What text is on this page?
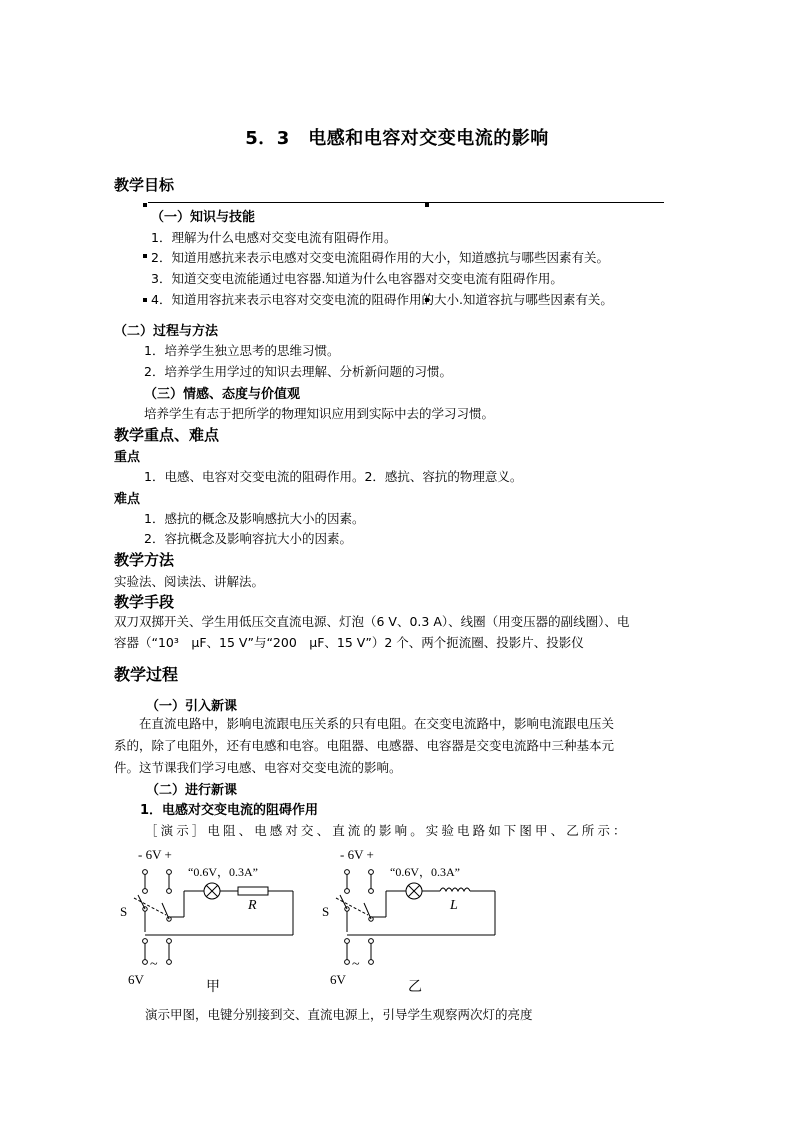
5．3　电感和电容对交变电流的影响
教学目标
（一）知识与技能
1．理解为什么电感对交变电流有阻碍作用。
2．知道用感抗来表示电感对交变电流阻碍作用的大小，知道感抗与哪些因素有关。
3．知道交变电流能通过电容器.知道为什么电容器对交变电流有阻碍作用。
4．知道用容抗来表示电容对交变电流的阻碍作用的大小.知道容抗与哪些因素有关。
（二）过程与方法
1．培养学生独立思考的思维习惯。
2．培养学生用学过的知识去理解、分析新问题的习惯。
（三）情感、态度与价值观
培养学生有志于把所学的物理知识应用到实际中去的学习习惯。
教学重点、难点
重点
1．电感、电容对交变电流的阻碍作用。2．感抗、容抗的物理意义。
难点
1．感抗的概念及影响感抗大小的因素。
2．容抗概念及影响容抗大小的因素。
教学方法
实验法、阅读法、讲解法。
教学手段
双刀双掷开关、学生用低压交直流电源、灯泡（6 V、0.3 A）、线圈（用变压器的副线圈）、电
容器（“10³　μF、15 V”与“200　μF、15 V”）2 个、两个扼流圈、投影片、投影仪
教学过程
（一）引入新课
　　在直流电路中，影响电流跟电压关系的只有电阻。在交变电流路中，影响电流跟电压关
系的，除了电阻外，还有电感和电容。电阻器、电感器、电容器是交变电流路中三种基本元
件。这节课我们学习电感、电容对交变电流的影响。
（二）进行新课
1．电感对交变电流的阻碍作用
［演示］电阻、电感对交、直流的影响。实验电路如下图甲、乙所示：
- 6V +
“0.6V，0.3A”
S	R
~
6V
甲
- 6V +
“0.6V，0.3A”
S	L
~
6V
乙
演示甲图，电键分别接到交、直流电源上，引导学生观察两次灯的亮度
